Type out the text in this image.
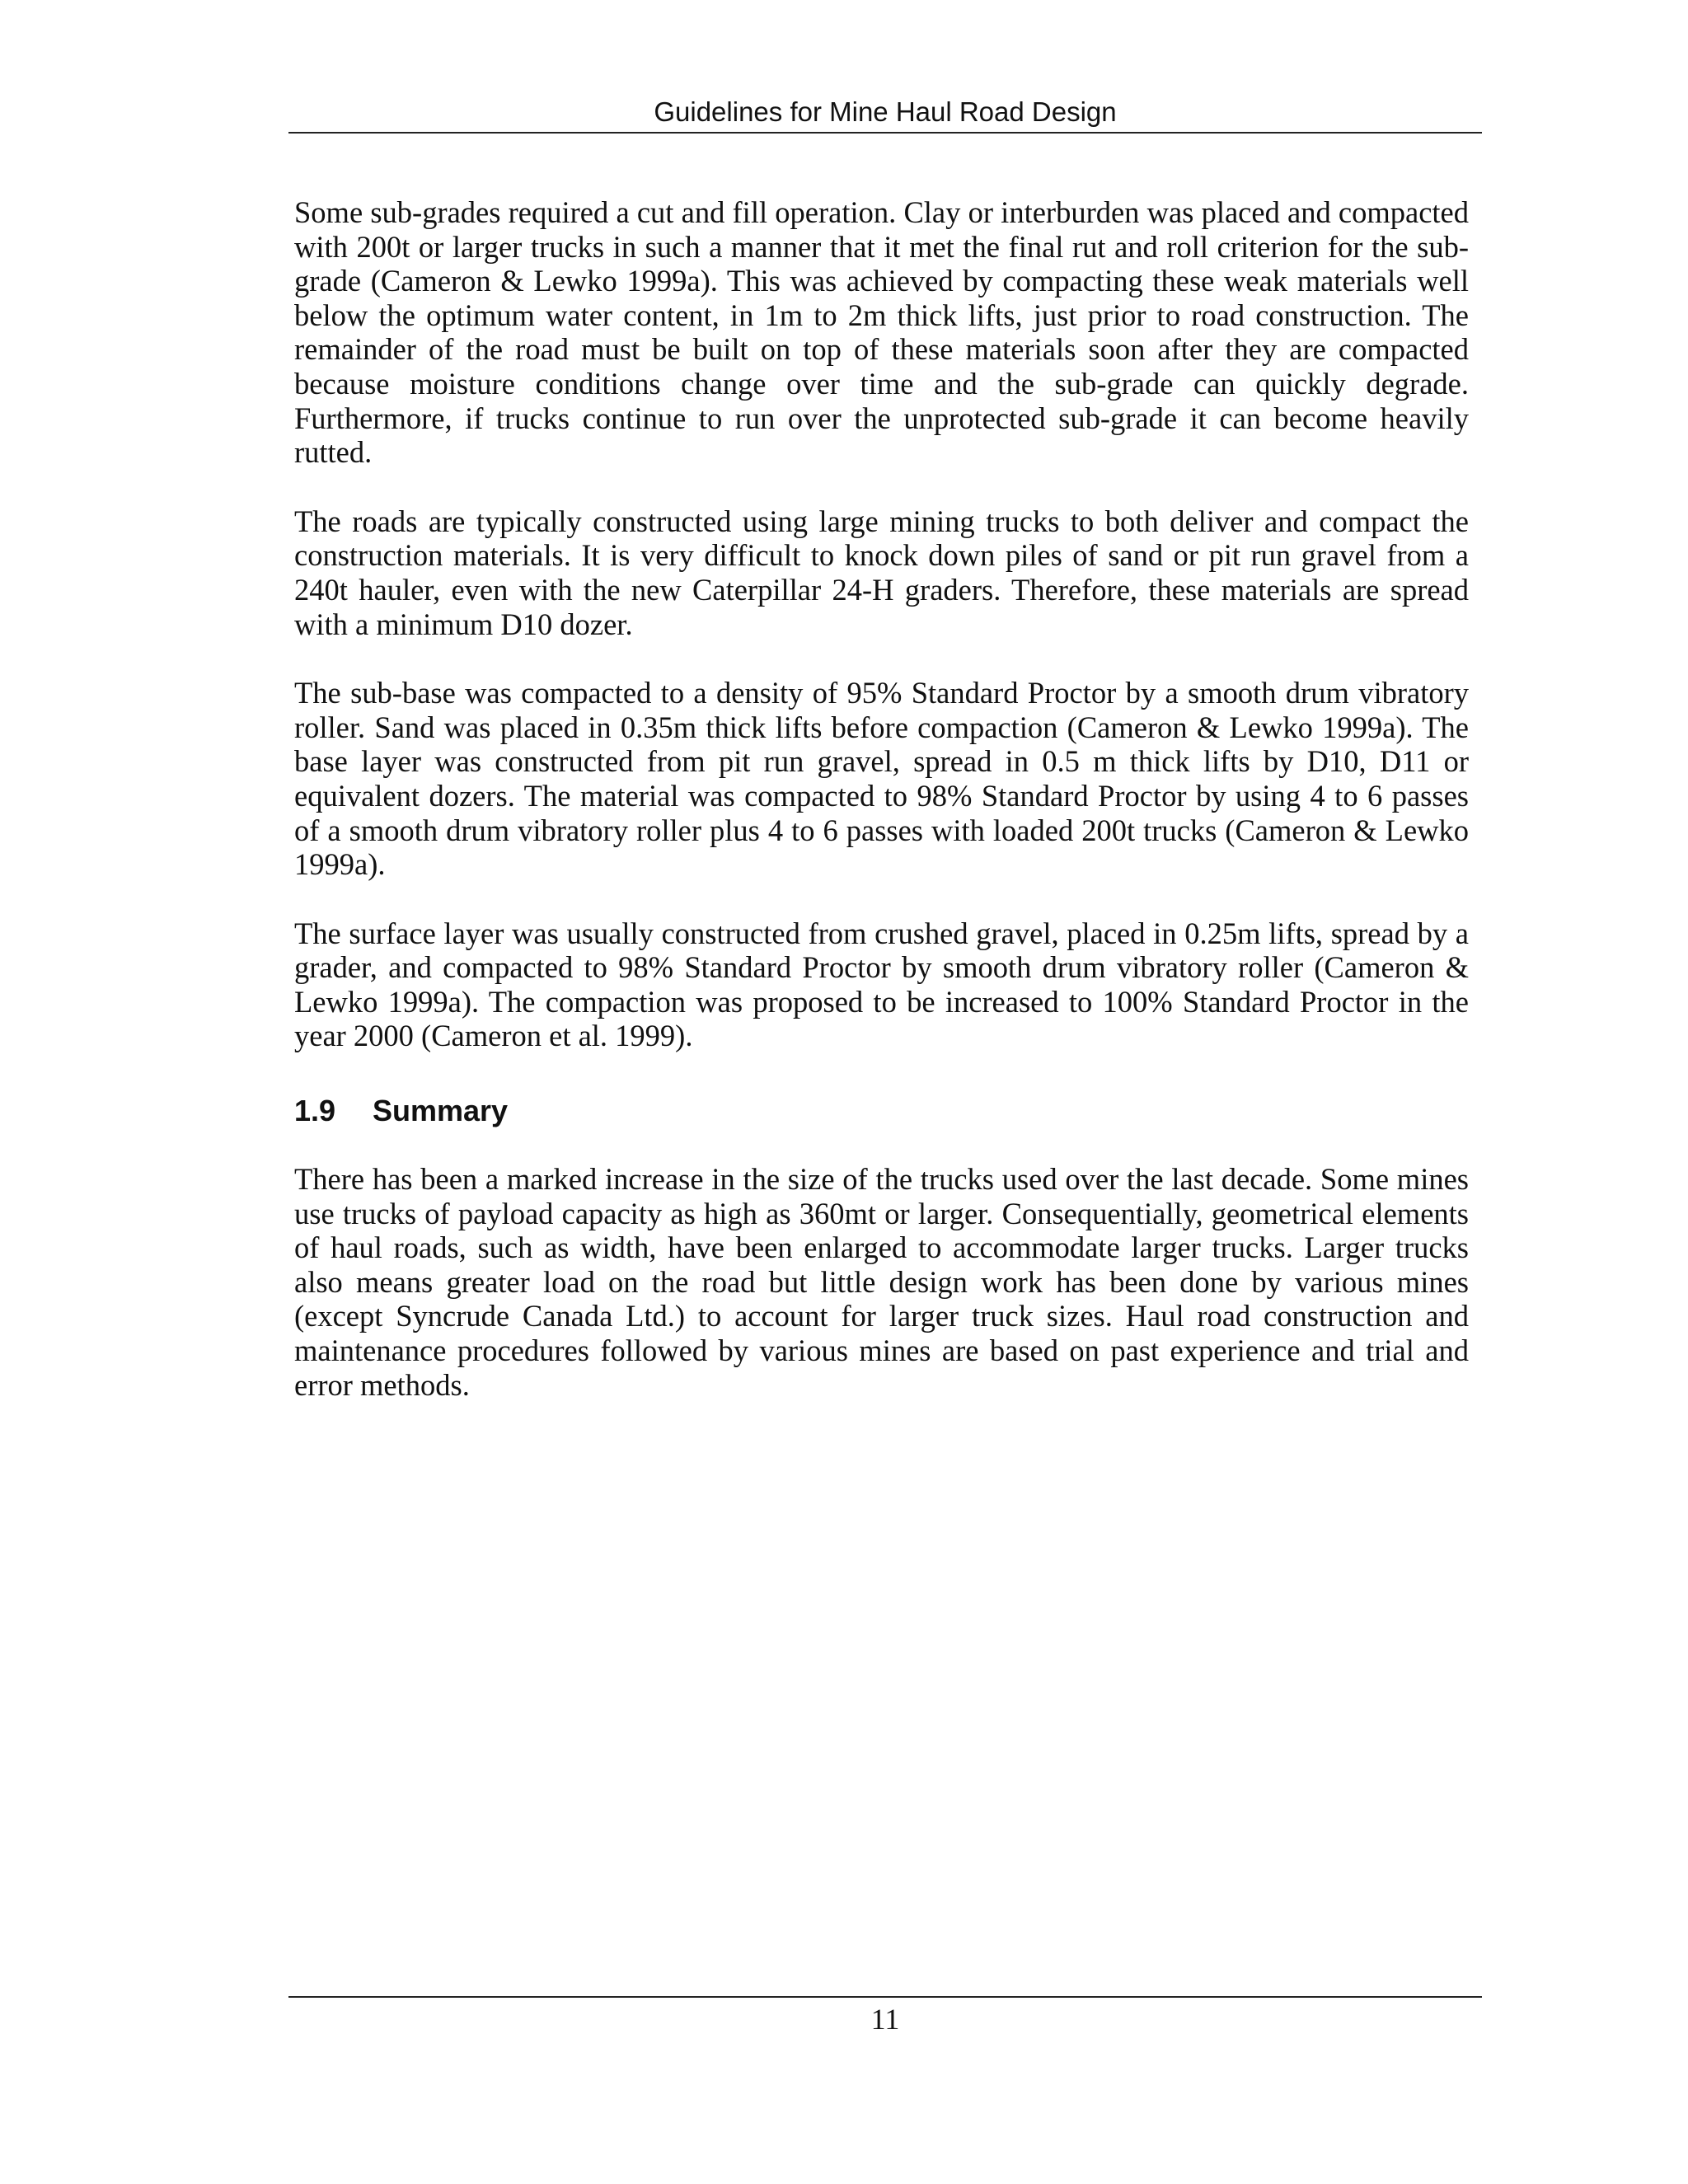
Guidelines for Mine Haul Road Design

Some sub-grades required a cut and fill operation. Clay or interburden was placed and compacted with 200t or larger trucks in such a manner that it met the final rut and roll criterion for the sub-grade (Cameron & Lewko 1999a). This was achieved by compacting these weak materials well below the optimum water content, in 1m to 2m thick lifts, just prior to road construction. The remainder of the road must be built on top of these materials soon after they are compacted because moisture conditions change over time and the sub-grade can quickly degrade. Furthermore, if trucks continue to run over the unprotected sub-grade it can become heavily rutted.

The roads are typically constructed using large mining trucks to both deliver and compact the construction materials. It is very difficult to knock down piles of sand or pit run gravel from a 240t hauler, even with the new Caterpillar 24-H graders. Therefore, these materials are spread with a minimum D10 dozer.

The sub-base was compacted to a density of 95% Standard Proctor by a smooth drum vibratory roller. Sand was placed in 0.35m thick lifts before compaction (Cameron & Lewko 1999a). The base layer was constructed from pit run gravel, spread in 0.5 m thick lifts by D10, D11 or equivalent dozers. The material was compacted to 98% Standard Proctor by using 4 to 6 passes of a smooth drum vibratory roller plus 4 to 6 passes with loaded 200t trucks (Cameron & Lewko 1999a).

The surface layer was usually constructed from crushed gravel, placed in 0.25m lifts, spread by a grader, and compacted to 98% Standard Proctor by smooth drum vibratory roller (Cameron & Lewko 1999a). The compaction was proposed to be increased to 100% Standard Proctor in the year 2000 (Cameron et al. 1999).

1.9 Summary

There has been a marked increase in the size of the trucks used over the last decade. Some mines use trucks of payload capacity as high as 360mt or larger. Consequentially, geometrical elements of haul roads, such as width, have been enlarged to accommodate larger trucks. Larger trucks also means greater load on the road but little design work has been done by various mines (except Syncrude Canada Ltd.) to account for larger truck sizes. Haul road construction and maintenance procedures followed by various mines are based on past experience and trial and error methods.

11
